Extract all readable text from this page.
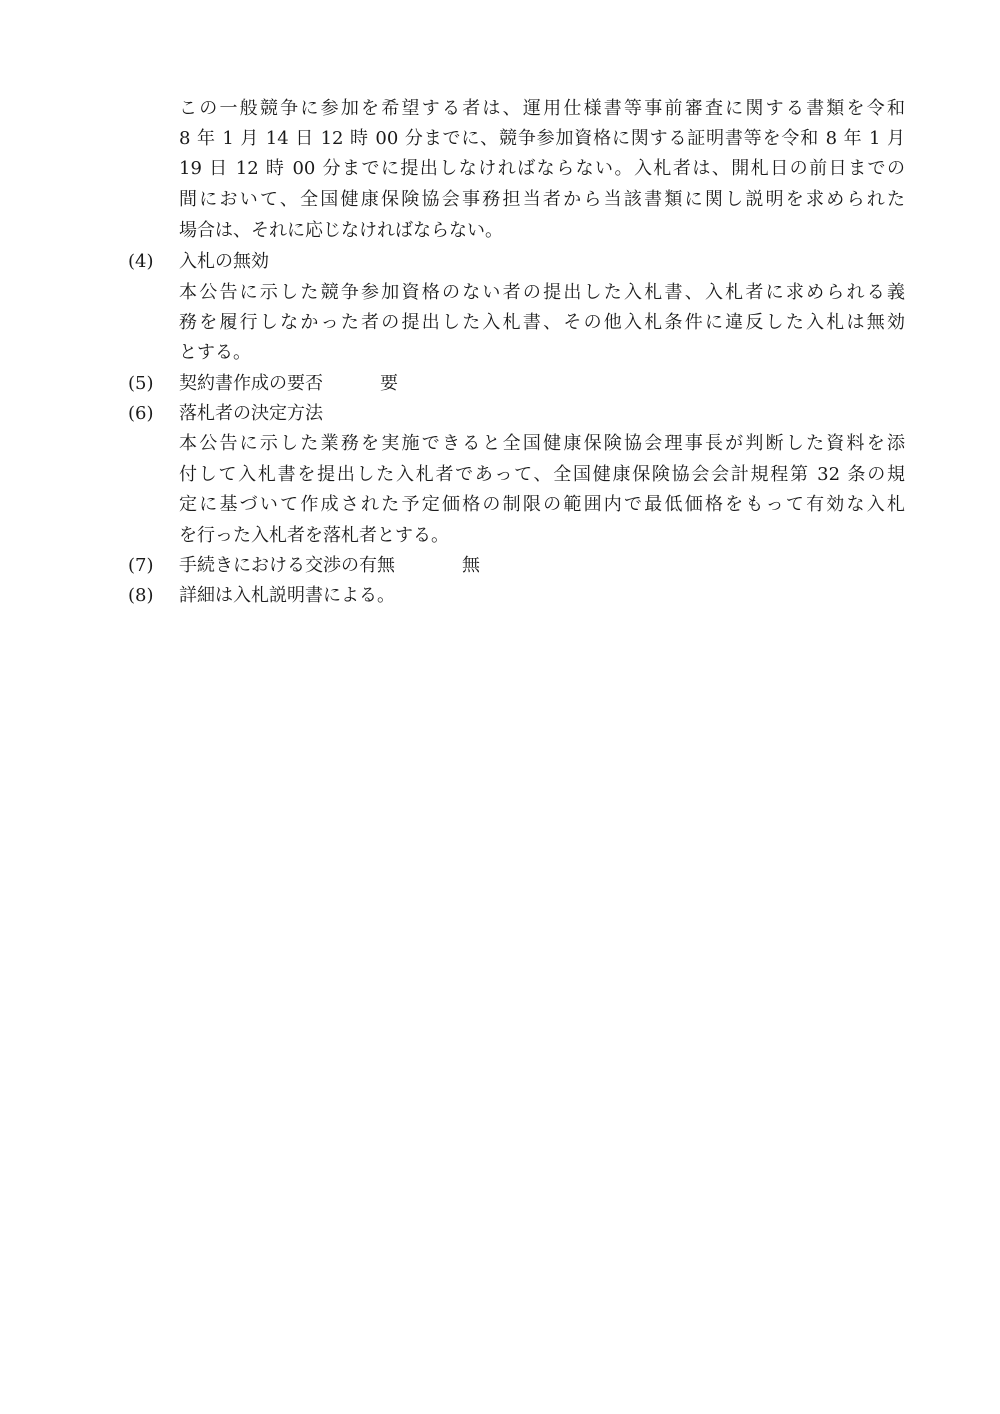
この一般競争に参加を希望する者は、運用仕様書等事前審査に関する書類を令和
8 年 1 月 14 日 12 時 00 分までに、競争参加資格に関する証明書等を令和 8 年 1 月
19 日 12 時 00 分までに提出しなければならない。入札者は、開札日の前日までの
間において、全国健康保険協会事務担当者から当該書類に関し説明を求められた
場合は、それに応じなければならない。
(4) 入札の無効
本公告に示した競争参加資格のない者の提出した入札書、入札者に求められる義
務を履行しなかった者の提出した入札書、その他入札条件に違反した入札は無効
とする。
(5) 契約書作成の要否	要
(6) 落札者の決定方法
本公告に示した業務を実施できると全国健康保険協会理事長が判断した資料を添
付して入札書を提出した入札者であって、全国健康保険協会会計規程第 32 条の規
定に基づいて作成された予定価格の制限の範囲内で最低価格をもって有効な入札
を行った入札者を落札者とする。
(7) 手続きにおける交渉の有無	無
(8) 詳細は入札説明書による。
